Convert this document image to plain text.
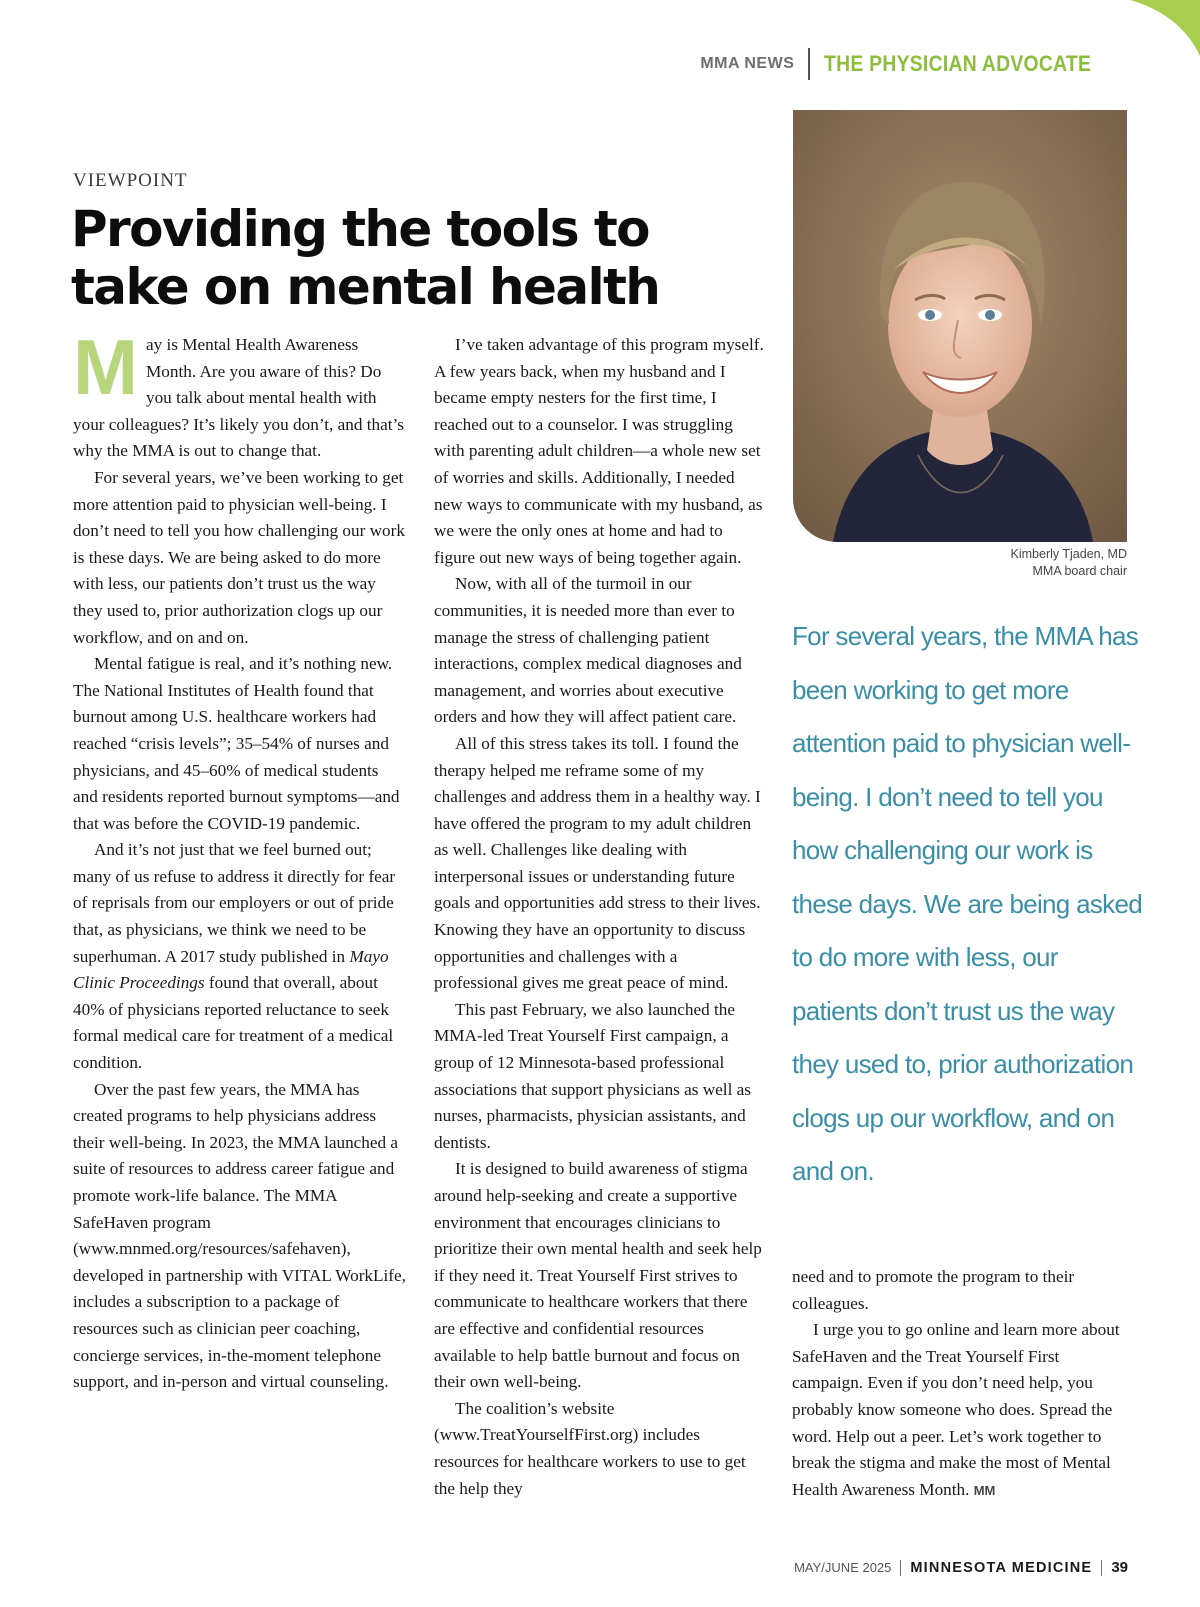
MMA NEWS THE PHYSICIAN ADVOCATE
VIEWPOINT
Providing the tools to take on mental health

May is Mental Health Awareness Month. Are you aware of this? Do you talk about mental health with your colleagues? It’s likely you don’t, and that’s why the MMA is out to change that.

For several years, we’ve been working to get more attention paid to physician well-being. I don’t need to tell you how challenging our work is these days. We are being asked to do more with less, our patients don’t trust us the way they used to, prior authorization clogs up our workflow, and on and on.

Mental fatigue is real, and it’s nothing new. The National Institutes of Health found that burnout among U.S. healthcare workers had reached “crisis levels”; 35–54% of nurses and physicians, and 45–60% of medical students and residents reported burnout symptoms—and that was before the COVID-19 pandemic.

And it’s not just that we feel burned out; many of us refuse to address it directly for fear of reprisals from our employers or out of pride that, as physicians, we think we need to be superhuman. A 2017 study published in Mayo Clinic Proceedings found that overall, about 40% of physicians reported reluctance to seek formal medical care for treatment of a medical condition.

Over the past few years, the MMA has created programs to help physicians address their well-being. In 2023, the MMA launched a suite of resources to address career fatigue and promote work-life balance. The MMA SafeHaven program (www.mnmed.org/resources/safehaven), developed in partnership with VITAL WorkLife, includes a subscription to a package of resources such as clinician peer coaching, concierge services, in-the-moment telephone support, and in-person and virtual counseling.

I’ve taken advantage of this program myself. A few years back, when my husband and I became empty nesters for the first time, I reached out to a counselor. I was struggling with parenting adult children—a whole new set of worries and skills. Additionally, I needed new ways to communicate with my husband, as we were the only ones at home and had to figure out new ways of being together again.

Now, with all of the turmoil in our communities, it is needed more than ever to manage the stress of challenging patient interactions, complex medical diagnoses and management, and worries about executive orders and how they will affect patient care.

All of this stress takes its toll. I found the therapy helped me reframe some of my challenges and address them in a healthy way. I have offered the program to my adult children as well. Challenges like dealing with interpersonal issues or understanding future goals and opportunities add stress to their lives. Knowing they have an opportunity to discuss opportunities and challenges with a professional gives me great peace of mind.

This past February, we also launched the MMA-led Treat Yourself First campaign, a group of 12 Minnesota-based professional associations that support physicians as well as nurses, pharmacists, physician assistants, and dentists.

It is designed to build awareness of stigma around help-seeking and create a supportive environment that encourages clinicians to prioritize their own mental health and seek help if they need it. Treat Yourself First strives to communicate to healthcare workers that there are effective and confidential resources available to help battle burnout and focus on their own well-being.

The coalition’s website (www.TreatYourselfFirst.org) includes resources for healthcare workers to use to get the help they

Kimberly Tjaden, MD
MMA board chair

For several years, the MMA has been working to get more attention paid to physician well-being. I don’t need to tell you how challenging our work is these days. We are being asked to do more with less, our patients don’t trust us the way they used to, prior authorization clogs up our workflow, and on and on.

need and to promote the program to their colleagues.

I urge you to go online and learn more about SafeHaven and the Treat Yourself First campaign. Even if you don’t need help, you probably know someone who does. Spread the word. Help out a peer. Let’s work together to break the stigma and make the most of Mental Health Awareness Month. MM

MAY/JUNE 2025 MINNESOTA MEDICINE 39
